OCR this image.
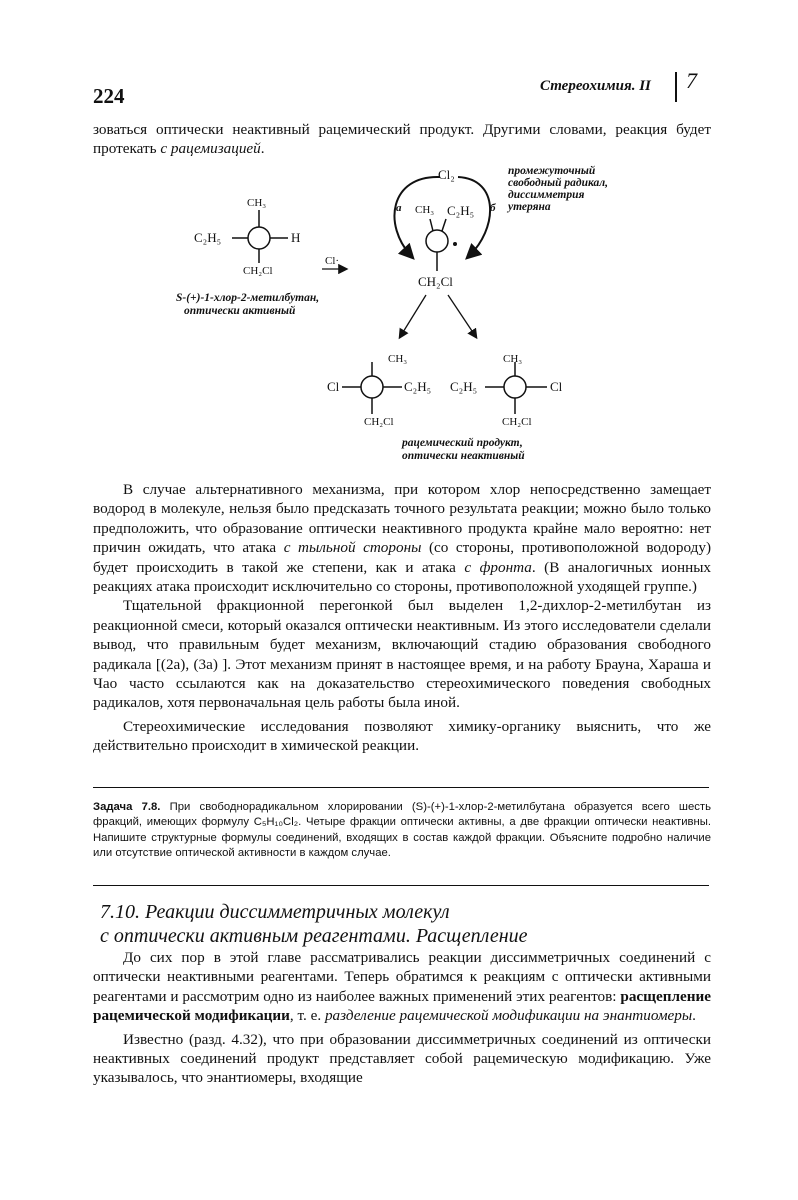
224	Стереохимия. II 7

зоваться оптически неактивный рацемический продукт. Другими словами, реакция будет протекать с рацемизацией.

CH₃
C₂H₅	H
CH₂Cl
S-(+)-1-хлор-2-метилбутан,
оптически активный
Cl·
Cl₂
а	б
CH₃ C₂H₅
CH₂Cl
промежуточный
свободный радикал,
диссимметрия
утеряна
CH₃
Cl	C₂H₅
CH₂Cl
CH₃
C₂H₅	Cl
CH₂Cl
рацемический продукт,
оптически неактивный

В случае альтернативного механизма, при котором хлор непосредственно замещает водород в молекуле, нельзя было предсказать точного результата реакции; можно было только предположить, что образование оптически неактивного продукта крайне мало вероятно: нет причин ожидать, что атака с тыльной стороны (со стороны, противоположной водороду) будет происходить в такой же степени, как и атака с фронта. (В аналогичных ионных реакциях атака происходит исключительно со стороны, противоположной уходящей группе.)

Тщательной фракционной перегонкой был выделен 1,2-дихлор-2-метилбутан из реакционной смеси, который оказался оптически неактивным. Из этого исследователи сделали вывод, что правильным будет механизм, включающий стадию образования свободного радикала [(2а), (3а) ]. Этот механизм принят в настоящее время, и на работу Брауна, Хараша и Чао часто ссылаются как на доказательство стереохимического поведения свободных радикалов, хотя первоначальная цель работы была иной.

Стереохимические исследования позволяют химику-органику выяснить, что же действительно происходит в химической реакции.

Задача 7.8. При свободнорадикальном хлорировании (S)-(+)-1-хлор-2-метилбутана образуется всего шесть фракций, имеющих формулу C₅H₁₀Cl₂. Четыре фракции оптически активны, а две фракции оптически неактивны. Напишите структурные формулы соединений, входящих в состав каждой фракции. Объясните подробно наличие или отсутствие оптической активности в каждом случае.
7.10. Реакции диссимметричных молекул
с оптически активным реагентами. Расщепление

До сих пор в этой главе рассматривались реакции диссимметричных соединений с оптически неактивными реагентами. Теперь обратимся к реакциям с оптически активными реагентами и рассмотрим одно из наиболее важных применений этих реагентов: расщепление рацемической модификации, т. е. разделение рацемической модификации на энантиомеры.

Известно (разд. 4.32), что при образовании диссимметричных соединений из оптически неактивных соединений продукт представляет собой рацемическую модификацию. Уже указывалось, что энантиомеры, входящие
